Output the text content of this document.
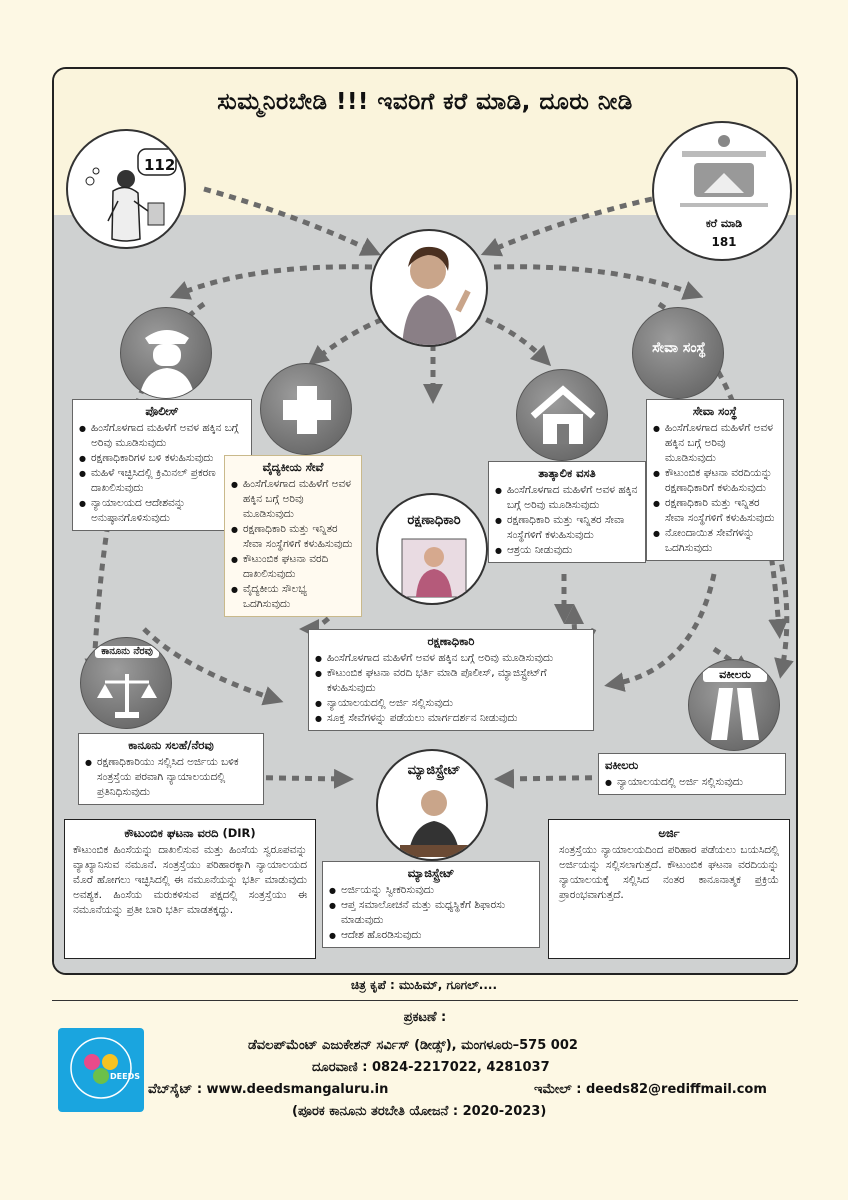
ಸುಮ್ಮನಿರಬೇಡಿ !!! ಇವರಿಗೆ ಕರೆ ಮಾಡಿ, ದೂರು ನೀಡಿ
112
ಕರೆ ಮಾಡಿ
181
ಪೊಲೀಸ್
● ಹಿಂಸೆಗೊಳಗಾದ ಮಹಿಳೆಗೆ ಅವಳ ಹಕ್ಕಿನ ಬಗ್ಗೆ ಅರಿವು ಮೂಡಿಸುವುದು
● ರಕ್ಷಣಾಧಿಕಾರಿಗಳ ಬಳಿ ಕಳುಹಿಸುವುದು
● ಮಹಿಳೆ ಇಚ್ಛಿಸಿದಲ್ಲಿ ಕ್ರಿಮಿನಲ್ ಪ್ರಕರಣ ದಾಖಲಿಸುವುದು
● ನ್ಯಾಯಾಲಯದ ಆದೇಶವನ್ನು ಅನುಷ್ಠಾನಗೊಳಿಸುವುದು
ವೈದ್ಯಕೀಯ ಸೇವೆ
● ಹಿಂಸೆಗೊಳಗಾದ ಮಹಿಳೆಗೆ ಅವಳ ಹಕ್ಕಿನ ಬಗ್ಗೆ ಅರಿವು ಮೂಡಿಸುವುದು
● ರಕ್ಷಣಾಧಿಕಾರಿ ಮತ್ತು ಇನ್ನಿತರ ಸೇವಾ ಸಂಸ್ಥೆಗಳಿಗೆ ಕಳುಹಿಸುವುದು
● ಕೌಟುಂಬಿಕ ಘಟನಾ ವರದಿ ದಾಖಲಿಸುವುದು
● ವೈದ್ಯಕೀಯ ಸೌಲಭ್ಯ ಒದಗಿಸುವುದು
ರಕ್ಷಣಾಧಿಕಾರಿ
ತಾತ್ಕಾಲಿಕ ವಸತಿ
● ಹಿಂಸೆಗೊಳಗಾದ ಮಹಿಳೆಗೆ ಅವಳ ಹಕ್ಕಿನ ಬಗ್ಗೆ ಅರಿವು ಮೂಡಿಸುವುದು
● ರಕ್ಷಣಾಧಿಕಾರಿ ಮತ್ತು ಇನ್ನಿತರ ಸೇವಾ ಸಂಸ್ಥೆಗಳಿಗೆ ಕಳುಹಿಸುವುದು
● ಆಶ್ರಯ ನೀಡುವುದು
ಸೇವಾ ಸಂಸ್ಥೆ
ಸೇವಾ ಸಂಸ್ಥೆ
● ಹಿಂಸೆಗೊಳಗಾದ ಮಹಿಳೆಗೆ ಅವಳ ಹಕ್ಕಿನ ಬಗ್ಗೆ ಅರಿವು ಮೂಡಿಸುವುದು
● ಕೌಟುಂಬಿಕ ಘಟನಾ ವರದಿಯನ್ನು ರಕ್ಷಣಾಧಿಕಾರಿಗೆ ಕಳುಹಿಸುವುದು
● ರಕ್ಷಣಾಧಿಕಾರಿ ಮತ್ತು ಇನ್ನಿತರ ಸೇವಾ ಸಂಸ್ಥೆಗಳಿಗೆ ಕಳುಹಿಸುವುದು
● ನೋಂದಾಯಿತ ಸೇವೆಗಳನ್ನು ಒದಗಿಸುವುದು
ರಕ್ಷಣಾಧಿಕಾರಿ
● ಹಿಂಸೆಗೊಳಗಾದ ಮಹಿಳೆಗೆ ಅವಳ ಹಕ್ಕಿನ ಬಗ್ಗೆ ಅರಿವು ಮೂಡಿಸುವುದು
● ಕೌಟುಂಬಿಕ ಘಟನಾ ವರದಿ ಭರ್ತಿ ಮಾಡಿ ಪೊಲೀಸ್, ಮ್ಯಾಜಿಸ್ಟ್ರೇಟ್‌ಗೆ ಕಳುಹಿಸುವುದು
● ನ್ಯಾಯಾಲಯದಲ್ಲಿ ಅರ್ಜಿ ಸಲ್ಲಿಸುವುದು
● ಸೂಕ್ತ ಸೇವೆಗಳನ್ನು ಪಡೆಯಲು ಮಾರ್ಗದರ್ಶನ ನೀಡುವುದು
ಕಾನೂನು ನೆರವು
ಕಾನೂನು ಸಲಹೆ/ನೆರವು
● ರಕ್ಷಣಾಧಿಕಾರಿಯು ಸಲ್ಲಿಸಿದ ಅರ್ಜಿಯ ಬಳಿಕ ಸಂತ್ರಸ್ತೆಯ ಪರವಾಗಿ ನ್ಯಾಯಾಲಯದಲ್ಲಿ ಪ್ರತಿನಿಧಿಸುವುದು
ವಕೀಲರು
ವಕೀಲರು
● ನ್ಯಾಯಾಲಯದಲ್ಲಿ ಅರ್ಜಿ ಸಲ್ಲಿಸುವುದು
ಮ್ಯಾಜಿಸ್ಟ್ರೇಟ್
ಮ್ಯಾಜಿಸ್ಟ್ರೇಟ್
● ಅರ್ಜಿಯನ್ನು ಸ್ವೀಕರಿಸುವುದು
● ಆಪ್ತ ಸಮಾಲೋಚನೆ ಮತ್ತು ಮಧ್ಯಸ್ಥಿಕೆಗೆ ಶಿಫಾರಸು ಮಾಡುವುದು
● ಆದೇಶ ಹೊರಡಿಸುವುದು
ಕೌಟುಂಬಿಕ ಘಟನಾ ವರದಿ (DIR)

ಕೌಟುಂಬಿಕ ಹಿಂಸೆಯನ್ನು ದಾಖಲಿಸುವ ಮತ್ತು ಹಿಂಸೆಯ ಸ್ವರೂಪವನ್ನು ವ್ಯಾಖ್ಯಾನಿಸುವ ನಮೂನೆ. ಸಂತ್ರಸ್ತೆಯು ಪರಿಹಾರಕ್ಕಾಗಿ ನ್ಯಾಯಾಲಯದ ಮೊರೆ ಹೋಗಲು ಇಚ್ಛಿಸಿದಲ್ಲಿ ಈ ನಮೂನೆಯನ್ನು ಭರ್ತಿ ಮಾಡುವುದು ಅವಶ್ಯಕ. ಹಿಂಸೆಯ ಮರುಕಳಿಸುವ ಪಕ್ಷದಲ್ಲಿ ಸಂತ್ರಸ್ತೆಯು ಈ ನಮೂನೆಯನ್ನು ಪ್ರತೀ ಬಾರಿ ಭರ್ತಿ ಮಾಡತಕ್ಕದ್ದು.

ಅರ್ಜಿ

ಸಂತ್ರಸ್ತೆಯು ನ್ಯಾಯಾಲಯದಿಂದ ಪರಿಹಾರ ಪಡೆಯಲು ಬಯಸಿದಲ್ಲಿ ಅರ್ಜಿಯನ್ನು ಸಲ್ಲಿಸಲಾಗುತ್ತದೆ. ಕೌಟುಂಬಿಕ ಘಟನಾ ವರದಿಯನ್ನು ನ್ಯಾಯಾಲಯಕ್ಕೆ ಸಲ್ಲಿಸಿದ ನಂತರ ಕಾನೂನಾತ್ಮಕ ಪ್ರಕ್ರಿಯೆ ಪ್ರಾರಂಭವಾಗುತ್ತದೆ.

ಚಿತ್ರ ಕೃಪೆ : ಮುಹಿಮ್, ಗೂಗಲ್....
DEEDS
ಪ್ರಕಟಣೆ :
ಡೆವಲಪ್‌ಮೆಂಟ್ ಎಜುಕೇಶನ್ ಸರ್ವಿಸ್ (ಡೀಡ್ಸ್), ಮಂಗಳೂರು–575 002
ದೂರವಾಣಿ : 0824-2217022, 4281037
ವೆಬ್‌ಸೈಟ್ : www.deedsmangaluru.in	ಇಮೇಲ್ : deeds82@rediffmail.com
(ಪೂರಕ ಕಾನೂನು ತರಬೇತಿ ಯೋಜನೆ : 2020-2023)
